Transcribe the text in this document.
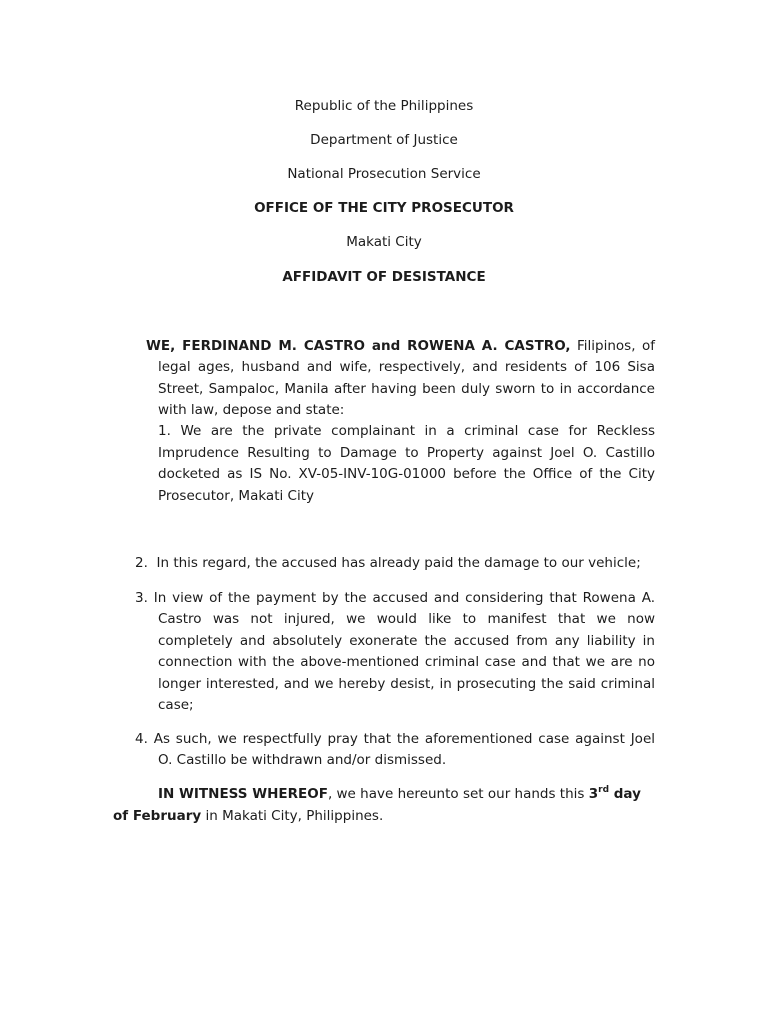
Republic of the Philippines
Department of Justice
National Prosecution Service
OFFICE OF THE CITY PROSECUTOR
Makati City
AFFIDAVIT OF DESISTANCE
WE, FERDINAND M. CASTRO and ROWENA A. CASTRO, Filipinos, of
legal ages, husband and wife, respectively, and residents of 106 Sisa Street, Sampaloc, Manila after having been duly sworn to in accordance with law, depose and state:
1. We are the private complainant in a criminal case for Reckless Imprudence Resulting to Damage to Property against Joel O. Castillo docketed as IS No. XV-05-INV-10G-01000 before the Office of the City Prosecutor, Makati City
2. In this regard, the accused has already paid the damage to our vehicle;
3. In view of the payment by the accused and considering that Rowena A.
Castro was not injured, we would like to manifest that we now completely and absolutely exonerate the accused from any liability in connection with the above-mentioned criminal case and that we are no longer interested, and we hereby desist, in prosecuting the said criminal case;
4. As such, we respectfully pray that the aforementioned case against Joel
O. Castillo be withdrawn and/or dismissed.
IN WITNESS WHEREOF, we have hereunto set our hands this 3rd day
of February in Makati City, Philippines.
